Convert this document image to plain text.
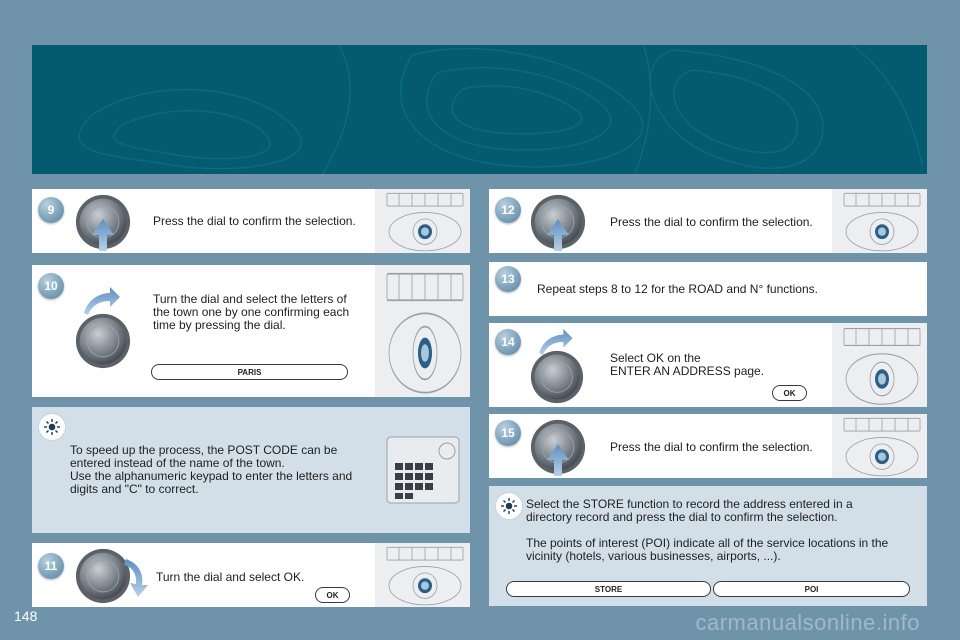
9
Press the dial to confirm the selection.
10
Turn the dial and select the letters of
the town one by one confirming each
time by pressing the dial.
PARIS
To speed up the process, the POST CODE can be
entered instead of the name of the town.
Use the alphanumeric keypad to enter the letters and
digits and "C" to correct.
11
Turn the dial and select OK.
OK
12
Press the dial to confirm the selection.
13
Repeat steps 8 to 12 for the ROAD and N° functions.
14
Select OK on the
ENTER AN ADDRESS page.
OK
15
Press the dial to confirm the selection.
Select the STORE function to record the address entered in a
directory record and press the dial to confirm the selection.

The points of interest (POI) indicate all of the service locations in the
vicinity (hotels, various businesses, airports, ...).
STORE	POI
148	carmanualsonline.info
